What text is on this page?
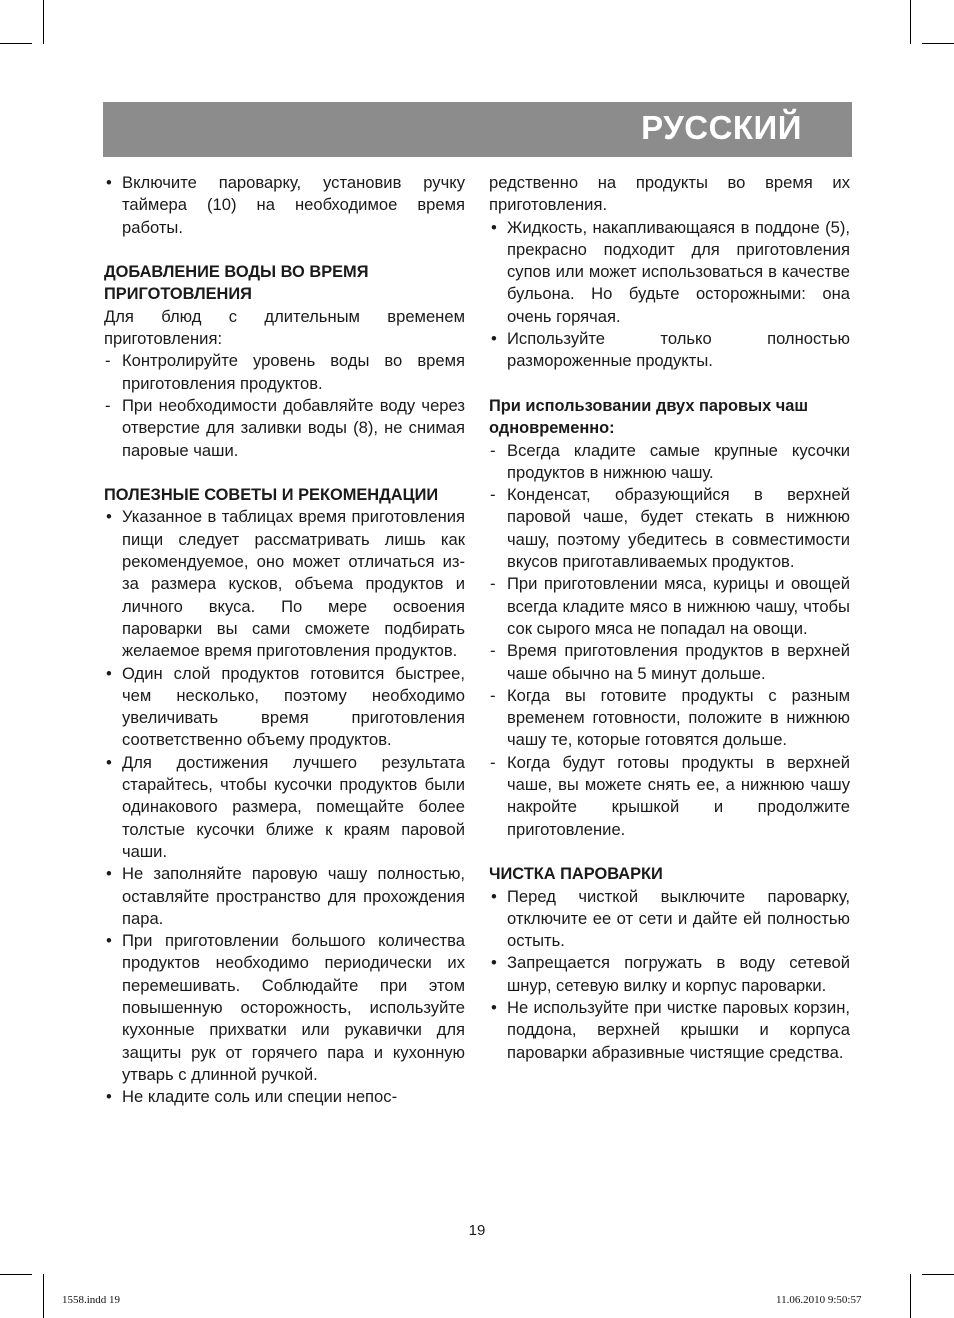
РУССКИЙ
• Включите пароварку, установив ручку таймера (10) на необходимое время работы.
ДОБАВЛЕНИЕ ВОДЫ ВО ВРЕМЯ ПРИГОТОВЛЕНИЯ

Для блюд с длительным временем приготовления:

- Контролируйте уровень воды во время приготовления продуктов.
- При необходимости добавляйте воду через отверстие для заливки воды (8), не снимая паровые чаши.
ПОЛЕЗНЫЕ СОВЕТЫ И РЕКОМЕНДАЦИИ
• Указанное в таблицах время приготовления пищи следует рассматривать лишь как рекомендуемое, оно может отличаться из-за размера кусков, объема продуктов и личного вкуса. По мере освоения пароварки вы сами сможете подбирать желаемое время приготовления продуктов.
• Один слой продуктов готовится быстрее, чем несколько, поэтому необходимо увеличивать время приготовления соответственно объему продуктов.
• Для достижения лучшего результата старайтесь, чтобы кусочки продуктов были одинакового размера, помещайте более толстые кусочки ближе к краям паровой чаши.
• Не заполняйте паровую чашу полностью, оставляйте пространство для прохождения пара.
• При приготовлении большого количества продуктов необходимо периодически их перемешивать. Соблюдайте при этом повышенную осторожность, используйте кухонные прихватки или рукавички для защиты рук от горячего пара и кухонную утварь с длинной ручкой.
• Не кладите соль или специи непос-

редственно на продукты во время их приготовления.

• Жидкость, накапливающаяся в поддоне (5), прекрасно подходит для приготовления супов или может использоваться в качестве бульона. Но будьте осторожными: она очень горячая.
• Используйте только полностью размороженные продукты.
При использовании двух паровых чаш одновременно:
- Всегда кладите самые крупные кусочки продуктов в нижнюю чашу.
- Конденсат, образующийся в верхней паровой чаше, будет стекать в нижнюю чашу, поэтому убедитесь в совместимости вкусов приготавливаемых продуктов.
- При приготовлении мяса, курицы и овощей всегда кладите мясо в нижнюю чашу, чтобы сок сырого мяса не попадал на овощи.
- Время приготовления продуктов в верхней чаше обычно на 5 минут дольше.
- Когда вы готовите продукты с разным временем готовности, положите в нижнюю чашу те, которые готовятся дольше.
- Когда будут готовы продукты в верхней чаше, вы можете снять ее, а нижнюю чашу накройте крышкой и продолжите приготовление.
ЧИСТКА ПАРОВАРКИ
• Перед чисткой выключите пароварку, отключите ее от сети и дайте ей полностью остыть.
• Запрещается погружать в воду сетевой шнур, сетевую вилку и корпус пароварки.
• Не используйте при чистке паровых корзин, поддона, верхней крышки и корпуса пароварки абразивные чистящие средства.
19
1558.indd 19	11.06.2010 9:50:57
